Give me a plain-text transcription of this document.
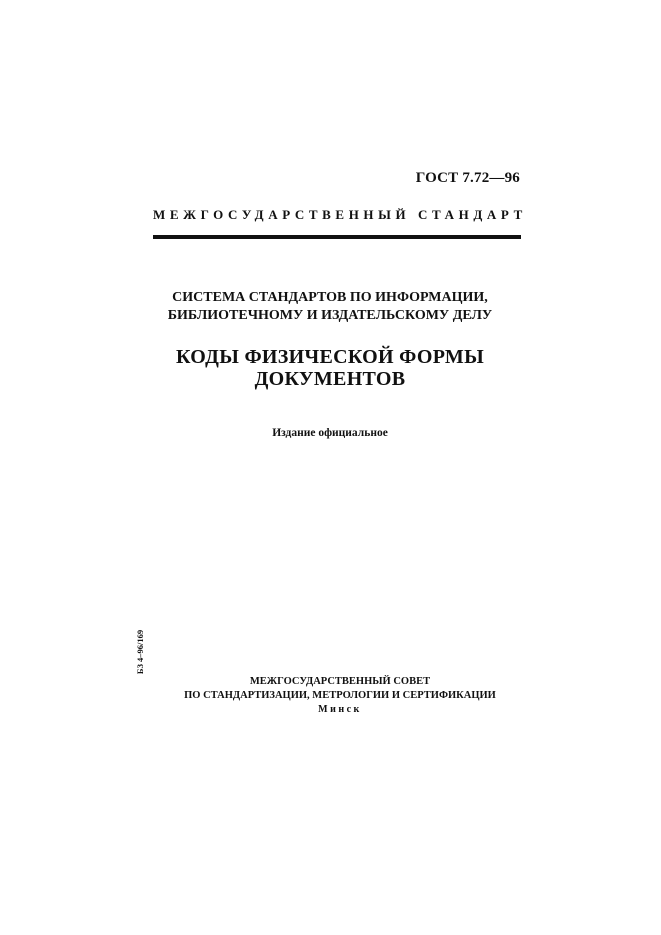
ГОСТ 7.72—96
МЕЖГОСУДАРСТВЕННЫЙ СТАНДАРТ
СИСТЕМА СТАНДАРТОВ ПО ИНФОРМАЦИИ,
БИБЛИОТЕЧНОМУ И ИЗДАТЕЛЬСКОМУ ДЕЛУ
КОДЫ ФИЗИЧЕСКОЙ ФОРМЫ
ДОКУМЕНТОВ
Издание официальное
БЗ 4–96/169
МЕЖГОСУДАРСТВЕННЫЙ СОВЕТ
ПО СТАНДАРТИЗАЦИИ, МЕТРОЛОГИИ И СЕРТИФИКАЦИИ
Минск
